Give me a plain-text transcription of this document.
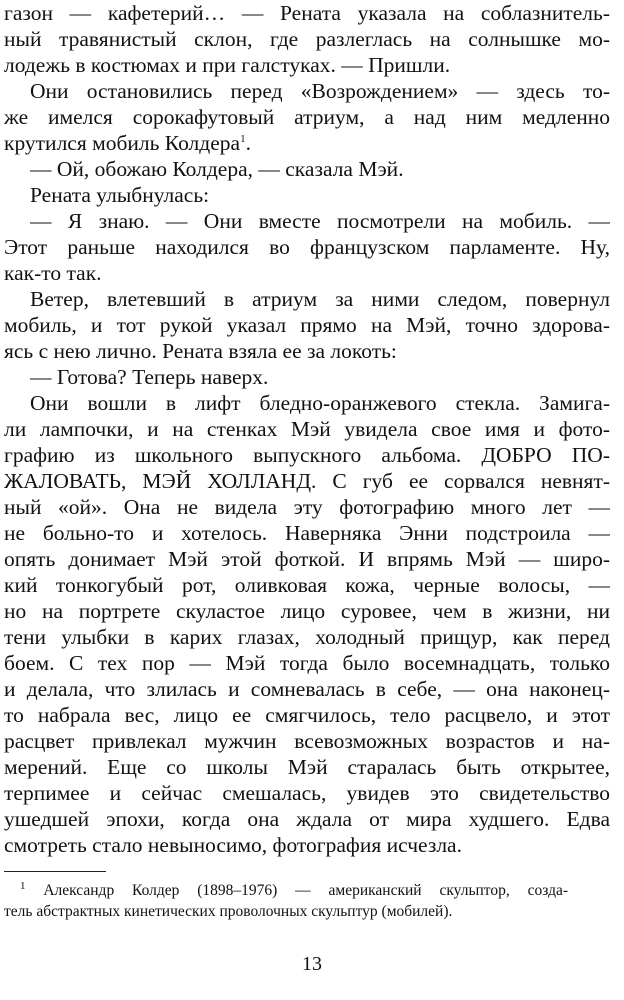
газон — кафетерий… — Рената указала на соблазнитель-
ный травянистый склон, где разлеглась на солнышке мо-
лодежь в костюмах и при галстуках. — Пришли.
Они остановились перед «Возрождением» — здесь то-
же имелся сорокафутовый атриум, а над ним медленно
крутился мобиль Колдера$^1$.
— Ой, обожаю Колдера, — сказала Мэй.
Рената улыбнулась:
— Я знаю. — Они вместе посмотрели на мобиль. —
Этот раньше находился во французском парламенте. Ну,
как-то так.
Ветер, влетевший в атриум за ними следом, повернул
мобиль, и тот рукой указал прямо на Мэй, точно здорова-
ясь с нею лично. Рената взяла ее за локоть:
— Готова? Теперь наверх.
Они вошли в лифт бледно-оранжевого стекла. Замига-
ли лампочки, и на стенках Мэй увидела свое имя и фото-
графию из школьного выпускного альбома. ДОБРО ПО-
ЖАЛОВАТЬ, МЭЙ ХОЛЛАНД. С губ ее сорвался невнят-
ный «ой». Она не видела эту фотографию много лет —
не больно-то и хотелось. Наверняка Энни подстроила —
опять донимает Мэй этой фоткой. И впрямь Мэй — широ-
кий тонкогубый рот, оливковая кожа, черные волосы, —
но на портрете скуластое лицо суровее, чем в жизни, ни
тени улыбки в карих глазах, холодный прищур, как перед
боем. С тех пор — Мэй тогда было восемнадцать, только
и делала, что злилась и сомневалась в себе, — она наконец-
то набрала вес, лицо ее смягчилось, тело расцвело, и этот
расцвет привлекал мужчин всевозможных возрастов и на-
мерений. Еще со школы Мэй старалась быть открытее,
терпимее и сейчас смешалась, увидев это свидетельство
ушедшей эпохи, когда она ждала от мира худшего. Едва
смотреть стало невыносимо, фотография исчезла.
$^1$ Александр Колдер (1898–1976) — американский скульптор, созда-
тель абстрактных кинетических проволочных скульптур (мобилей).
13
